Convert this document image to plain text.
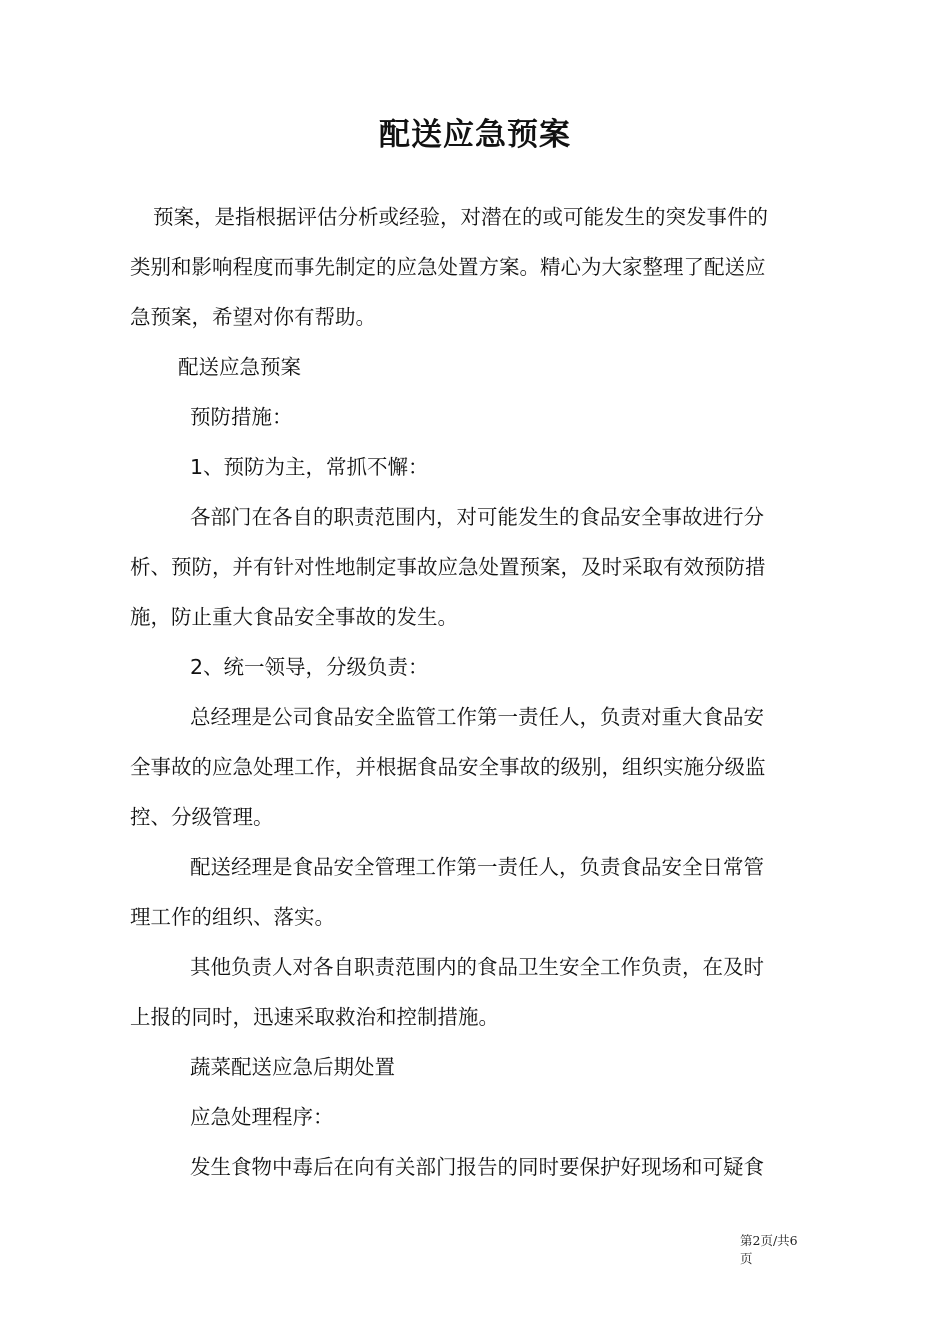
配送应急预案
预案，是指根据评估分析或经验，对潜在的或可能发生的突发事件的
类别和影响程度而事先制定的应急处置方案。精心为大家整理了配送应
急预案，希望对你有帮助。
配送应急预案
预防措施：
1、预防为主，常抓不懈：
各部门在各自的职责范围内，对可能发生的食品安全事故进行分
析、预防，并有针对性地制定事故应急处置预案，及时采取有效预防措
施，防止重大食品安全事故的发生。
2、统一领导，分级负责：
总经理是公司食品安全监管工作第一责任人，负责对重大食品安
全事故的应急处理工作，并根据食品安全事故的级别，组织实施分级监
控、分级管理。
配送经理是食品安全管理工作第一责任人，负责食品安全日常管
理工作的组织、落实。
其他负责人对各自职责范围内的食品卫生安全工作负责，在及时
上报的同时，迅速采取救治和控制措施。
蔬菜配送应急后期处置
应急处理程序：
发生食物中毒后在向有关部门报告的同时要保护好现场和可疑食
第2页/共6
页
